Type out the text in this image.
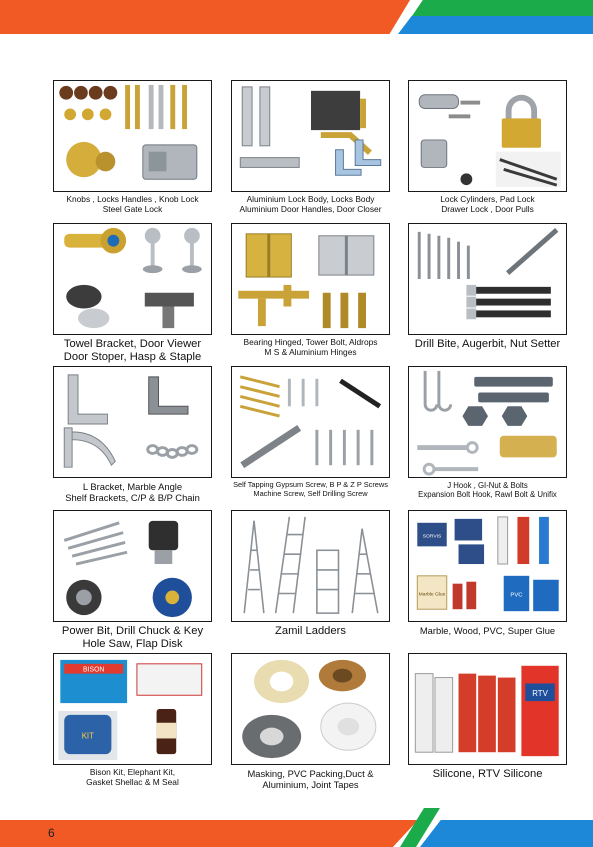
Knobs , Locks Handles , Knob Lock
Steel Gate Lock
Aluminium Lock Body, Locks Body
Aluminium Door Handles, Door Closer
Lock Cylinders, Pad Lock
Drawer Lock , Door Pulls
Towel Bracket, Door Viewer
Door Stoper, Hasp & Staple
Bearing Hinged, Tower Bolt, Aldrops
M S & Aluminium Hinges
Drill Bite, Augerbit, Nut Setter
L Bracket, Marble Angle
Shelf Brackets, C/P & B/P Chain
Self Tapping Gypsum Screw, B P & Z P Screws
Machine Screw, Self Drilling Screw
J Hook , GI-Nut & Bolts
Expansion Bolt Hook, Rawl Bolt & Unifix
Power Bit, Drill Chuck & Key
Hole Saw, Flap Disk
Zamil Ladders
SORVIS
Marble Glue	PVC
Marble, Wood, PVC, Super Glue
BISON
KIT
Bison Kit, Elephant Kit,
Gasket Shellac & M Seal
Masking, PVC Packing,Duct &
Aluminium, Joint Tapes
RTV
Silicone, RTV Silicone
6
